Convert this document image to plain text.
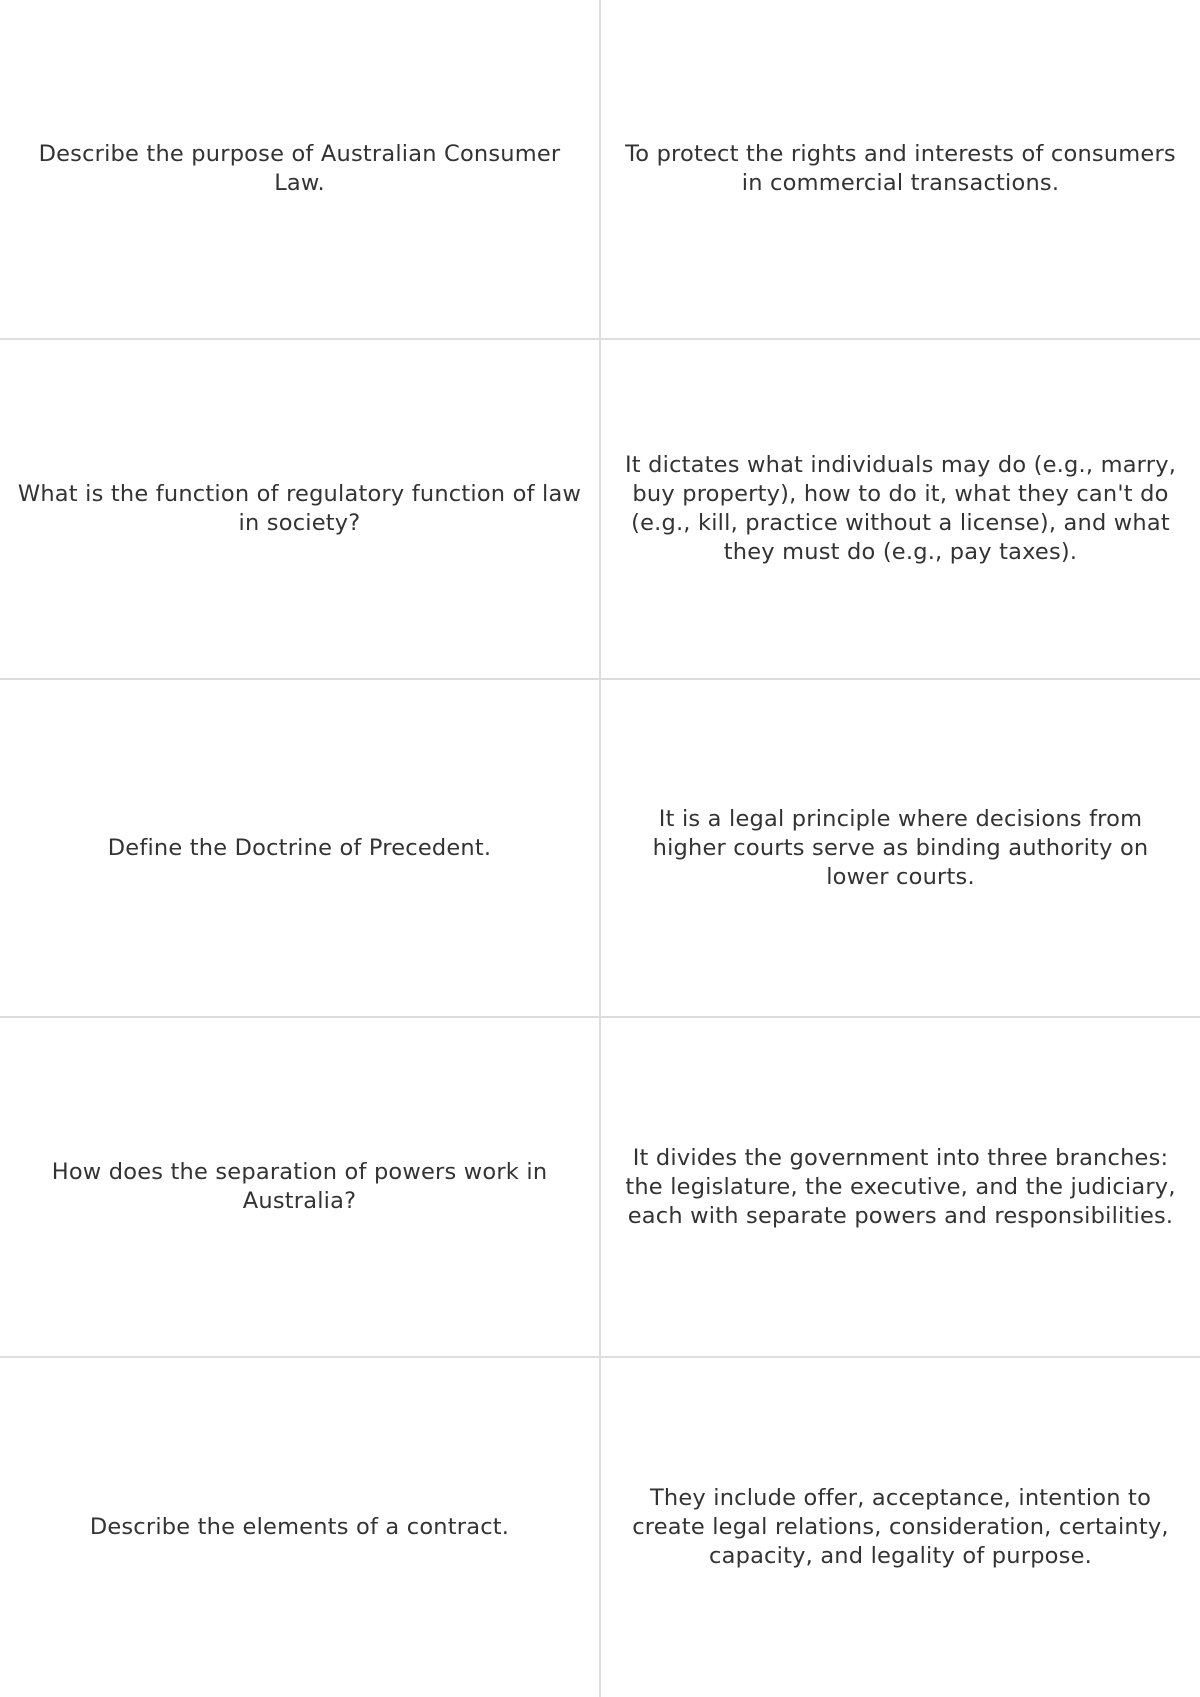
Describe the purpose of Australian Consumer Law.
To protect the rights and interests of consumers in commercial transactions.
What is the function of regulatory function of law in society?
It dictates what individuals may do (e.g., marry, buy property), how to do it, what they can't do (e.g., kill, practice without a license), and what they must do (e.g., pay taxes).
Define the Doctrine of Precedent.
It is a legal principle where decisions from higher courts serve as binding authority on lower courts.
How does the separation of powers work in Australia?
It divides the government into three branches: the legislature, the executive, and the judiciary, each with separate powers and responsibilities.
Describe the elements of a contract.
They include offer, acceptance, intention to create legal relations, consideration, certainty, capacity, and legality of purpose.
